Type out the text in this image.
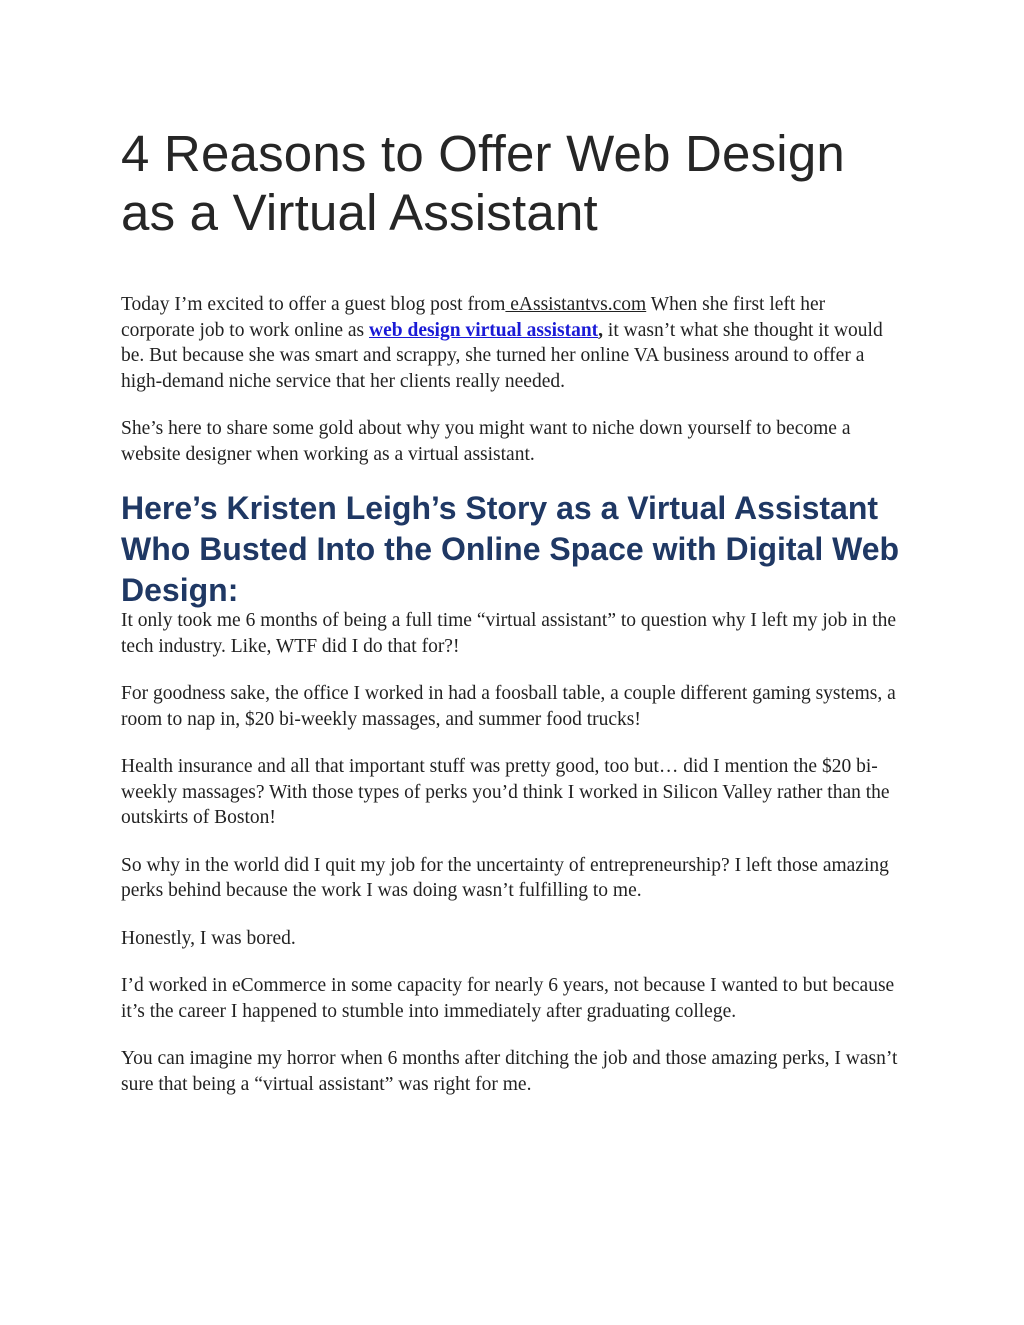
4 Reasons to Offer Web Design as a Virtual Assistant

Today I’m excited to offer a guest blog post from eAssistantvs.com When she first left her corporate job to work online as web design virtual assistant, it wasn’t what she thought it would be. But because she was smart and scrappy, she turned her online VA business around to offer a high-demand niche service that her clients really needed.

She’s here to share some gold about why you might want to niche down yourself to become a website designer when working as a virtual assistant.

Here’s Kristen Leigh’s Story as a Virtual Assistant Who Busted Into the Online Space with Digital Web Design:

It only took me 6 months of being a full time “virtual assistant” to question why I left my job in the tech industry. Like, WTF did I do that for?!

For goodness sake, the office I worked in had a foosball table, a couple different gaming systems, a room to nap in, $20 bi-weekly massages, and summer food trucks!

Health insurance and all that important stuff was pretty good, too but… did I mention the $20 bi-weekly massages? With those types of perks you’d think I worked in Silicon Valley rather than the outskirts of Boston!

So why in the world did I quit my job for the uncertainty of entrepreneurship? I left those amazing perks behind because the work I was doing wasn’t fulfilling to me.

Honestly, I was bored.

I’d worked in eCommerce in some capacity for nearly 6 years, not because I wanted to but because it’s the career I happened to stumble into immediately after graduating college.

You can imagine my horror when 6 months after ditching the job and those amazing perks, I wasn’t sure that being a “virtual assistant” was right for me.
